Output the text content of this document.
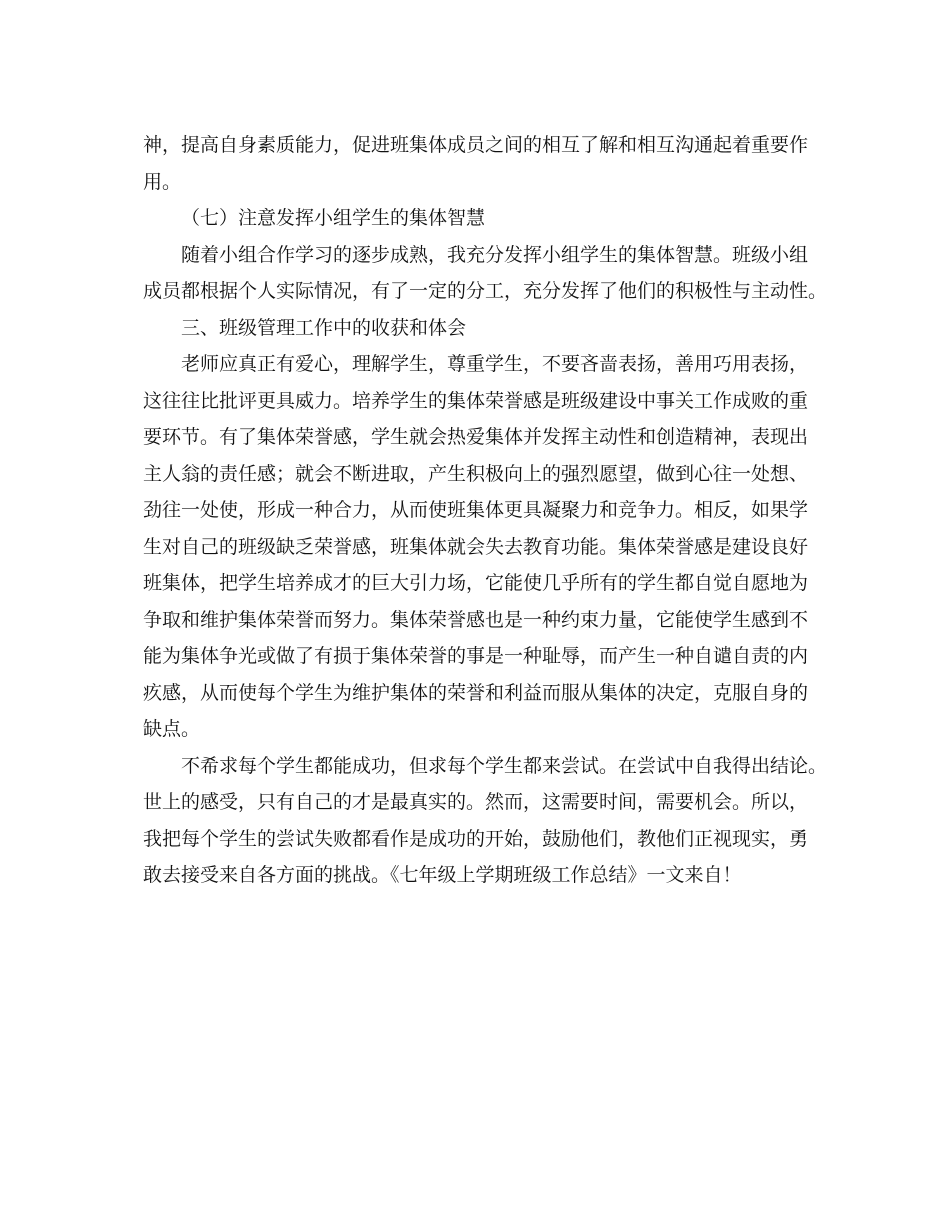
神，提高自身素质能力，促进班集体成员之间的相互了解和相互沟通起着重要作
用。
（七）注意发挥小组学生的集体智慧
随着小组合作学习的逐步成熟，我充分发挥小组学生的集体智慧。班级小组
成员都根据个人实际情况，有了一定的分工，充分发挥了他们的积极性与主动性。
三、班级管理工作中的收获和体会
老师应真正有爱心，理解学生，尊重学生，不要吝啬表扬，善用巧用表扬，
这往往比批评更具威力。培养学生的集体荣誉感是班级建设中事关工作成败的重
要环节。有了集体荣誉感，学生就会热爱集体并发挥主动性和创造精神，表现出
主人翁的责任感；就会不断进取，产生积极向上的强烈愿望，做到心往一处想、
劲往一处使，形成一种合力，从而使班集体更具凝聚力和竞争力。相反，如果学
生对自己的班级缺乏荣誉感，班集体就会失去教育功能。集体荣誉感是建设良好
班集体，把学生培养成才的巨大引力场，它能使几乎所有的学生都自觉自愿地为
争取和维护集体荣誉而努力。集体荣誉感也是一种约束力量，它能使学生感到不
能为集体争光或做了有损于集体荣誉的事是一种耻辱，而产生一种自谴自责的内
疚感，从而使每个学生为维护集体的荣誉和利益而服从集体的决定，克服自身的
缺点。
不希求每个学生都能成功，但求每个学生都来尝试。在尝试中自我得出结论。
世上的感受，只有自己的才是最真实的。然而，这需要时间，需要机会。所以，
我把每个学生的尝试失败都看作是成功的开始，鼓励他们，教他们正视现实，勇
敢去接受来自各方面的挑战。《七年级上学期班级工作总结》一文来自！
